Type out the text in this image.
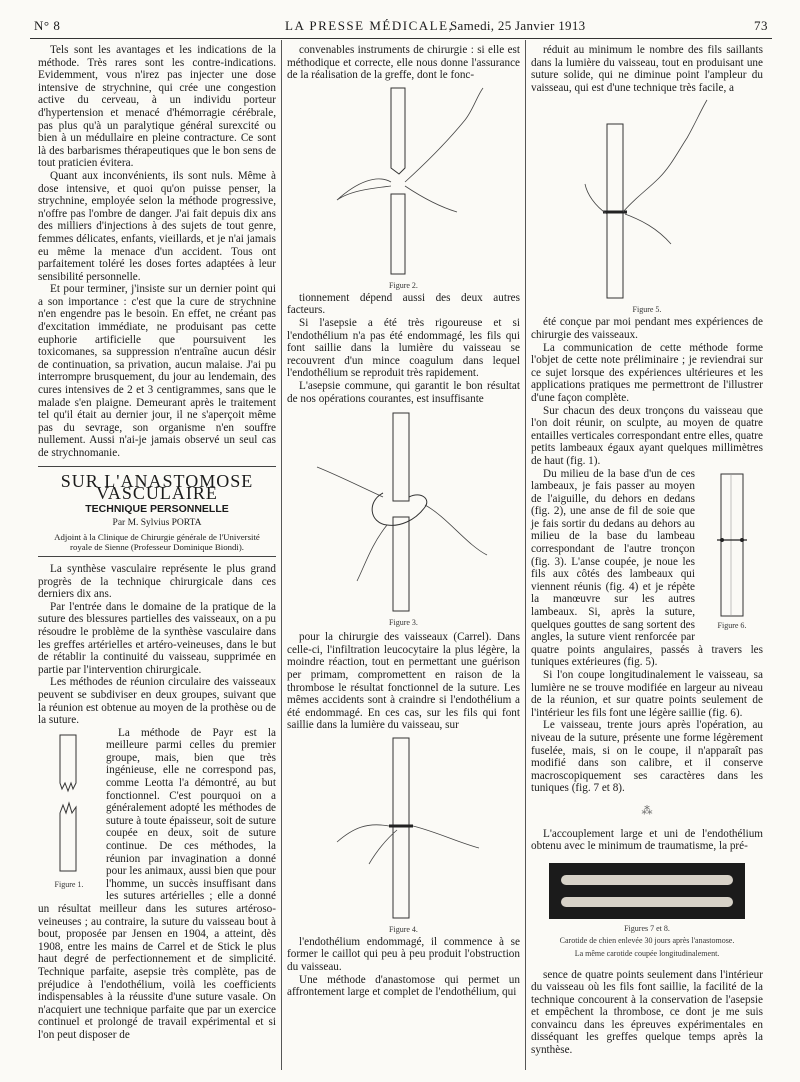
N° 8	LA PRESSE MÉDICALE,
Samedi, 25 Janvier 1913	73

Tels sont les avantages et les indications de la méthode. Très rares sont les contre-indications. Evidemment, vous n'irez pas injecter une dose intensive de strychnine, qui crée une congestion active du cerveau, à un individu porteur d'hypertension et menacé d'hémorragie cérébrale, pas plus qu'à un paralytique général surexcité ou bien à un médullaire en pleine contracture. Ce sont là des barbarismes thérapeutiques que le bon sens de tout praticien évitera.

Quant aux inconvénients, ils sont nuls. Même à dose intensive, et quoi qu'on puisse penser, la strychnine, employée selon la méthode progressive, n'offre pas l'ombre de danger. J'ai fait depuis dix ans des milliers d'injections à des sujets de tout genre, femmes délicates, enfants, vieillards, et je n'ai jamais eu même la menace d'un accident. Tous ont parfaitement toléré les doses fortes adaptées à leur sensibilité personnelle.

Et pour terminer, j'insiste sur un dernier point qui a son importance : c'est que la cure de strychnine n'en engendre pas le besoin. En effet, ne créant pas d'excitation immédiate, ne produisant pas cette euphorie artificielle que poursuivent les toxicomanes, sa suppression n'entraîne aucun désir de continuation, sa privation, aucun malaise. J'ai pu interrompre brusquement, du jour au lendemain, des cures intensives de 2 et 3 centigrammes, sans que le malade s'en plaigne. Demeurant après le traitement tel qu'il était au dernier jour, il ne s'aperçoit même pas du sevrage, son organisme n'en souffre nullement. Aussi n'ai-je jamais observé un seul cas de strychnomanie.

SUR L'ANASTOMOSE VASCULAIRE
TECHNIQUE PERSONNELLE
Par M. Sylvius PORTA
Adjoint à la Clinique de Chirurgie générale de l'Université royale de Sienne (Professeur Dominique Biondi).

La synthèse vasculaire représente le plus grand progrès de la technique chirurgicale dans ces derniers dix ans.

Par l'entrée dans le domaine de la pratique de la suture des blessures partielles des vaisseaux, on a pu résoudre le problème de la synthèse vasculaire dans les greffes artérielles et artéro-veineuses, dans le but de rétablir la continuité du vaisseau, supprimée en partie par l'intervention chirurgicale.

Les méthodes de réunion circulaire des vaisseaux peuvent se subdiviser en deux groupes, suivant que la réunion est obtenue au moyen de la prothèse ou de la suture.

Figure 1.

La méthode de Payr est la meilleure parmi celles du premier groupe, mais, bien que très ingénieuse, elle ne correspond pas, comme Leotta l'a démontré, au but fonctionnel. C'est pourquoi on a généralement adopté les méthodes de suture à toute épaisseur, soit de suture coupée en deux, soit de suture continue. De ces méthodes, la réunion par invagination a donné pour les animaux, aussi bien que pour l'homme, un succès insuffisant dans les sutures artérielles ; elle a donné un résultat meilleur dans les sutures artéroso-veineuses ; au contraire, la suture du vaisseau bout à bout, proposée par Jensen en 1904, a atteint, dès 1908, entre les mains de Carrel et de Stick le plus haut degré de perfectionnement et de simplicité. Technique parfaite, asepsie très complète, pas de préjudice à l'endothélium, voilà les coefficients indispensables à la réussite d'une suture vasale. On n'acquiert une technique parfaite que par un exercice continuel et prolongé de travail expérimental et si l'on peut disposer de

convenables instruments de chirurgie : si elle est méthodique et correcte, elle nous donne l'assurance de la réalisation de la greffe, dont le fonc-

Figure 2.

tionnement dépend aussi des deux autres facteurs.

Si l'asepsie a été très rigoureuse et si l'endothélium n'a pas été endommagé, les fils qui font saillie dans la lumière du vaisseau se recouvrent d'un mince coagulum dans lequel l'endothélium se reproduit très rapidement.

L'asepsie commune, qui garantit le bon résultat de nos opérations courantes, est insuffisante

Figure 3.

pour la chirurgie des vaisseaux (Carrel). Dans celle-ci, l'infiltration leucocytaire la plus légère, la moindre réaction, tout en permettant une guérison per primam, compromettent en raison de la thrombose le résultat fonctionnel de la suture. Les mêmes accidents sont à craindre si l'endothélium a été endommagé. En ces cas, sur les fils qui font saillie dans la lumière du vaisseau, sur

Figure 4.

l'endothélium endommagé, il commence à se former le caillot qui peu à peu produit l'obstruction du vaisseau.

Une méthode d'anastomose qui permet un affrontement large et complet de l'endothélium, qui

réduit au minimum le nombre des fils saillants dans la lumière du vaisseau, tout en produisant une suture solide, qui ne diminue point l'ampleur du vaisseau, qui est d'une technique très facile, a

Figure 5.

été conçue par moi pendant mes expériences de chirurgie des vaisseaux.

La communication de cette méthode forme l'objet de cette note préliminaire ; je reviendrai sur ce sujet lorsque des expériences ultérieures et les applications pratiques me permettront de l'illustrer d'une façon complète.

Sur chacun des deux tronçons du vaisseau que l'on doit réunir, on sculpte, au moyen de quatre entailles verticales correspondant entre elles, quatre petits lambeaux égaux ayant quelques millimètres de haut (fig. 1).

Figure 6.

Du milieu de la base d'un de ces lambeaux, je fais passer au moyen de l'aiguille, du dehors en dedans (fig. 2), une anse de fil de soie que je fais sortir du dedans au dehors au milieu de la base du lambeau correspondant de l'autre tronçon (fig. 3). L'anse coupée, je noue les fils aux côtés des lambeaux qui viennent réunis (fig. 4) et je répète la manœuvre sur les autres lambeaux. Si, après la suture, quelques gouttes de sang sortent des angles, la suture vient renforcée par quatre points angulaires, passés à travers les tuniques extérieures (fig. 5).

Si l'on coupe longitudinalement le vaisseau, sa lumière ne se trouve modifiée en largeur au niveau de la réunion, et sur quatre points seulement de l'intérieur les fils font une légère saillie (fig. 6).

Le vaisseau, trente jours après l'opération, au niveau de la suture, présente une forme légèrement fuselée, mais, si on le coupe, il n'apparaît pas modifié dans son calibre, et il conserve macroscopiquement ses caractères dans les tuniques (fig. 7 et 8).

⁂

L'accouplement large et uni de l'endothélium obtenu avec le minimum de traumatisme, la pré-

Figures 7 et 8.
Carotide de chien enlevée 30 jours après l'anastomose.
La même carotide coupée longitudinalement.

sence de quatre points seulement dans l'intérieur du vaisseau où les fils font saillie, la facilité de la technique concourent à la conservation de l'asepsie et empêchent la thrombose, ce dont je me suis convaincu dans les épreuves expérimentales en disséquant les greffes quelque temps après la synthèse.
